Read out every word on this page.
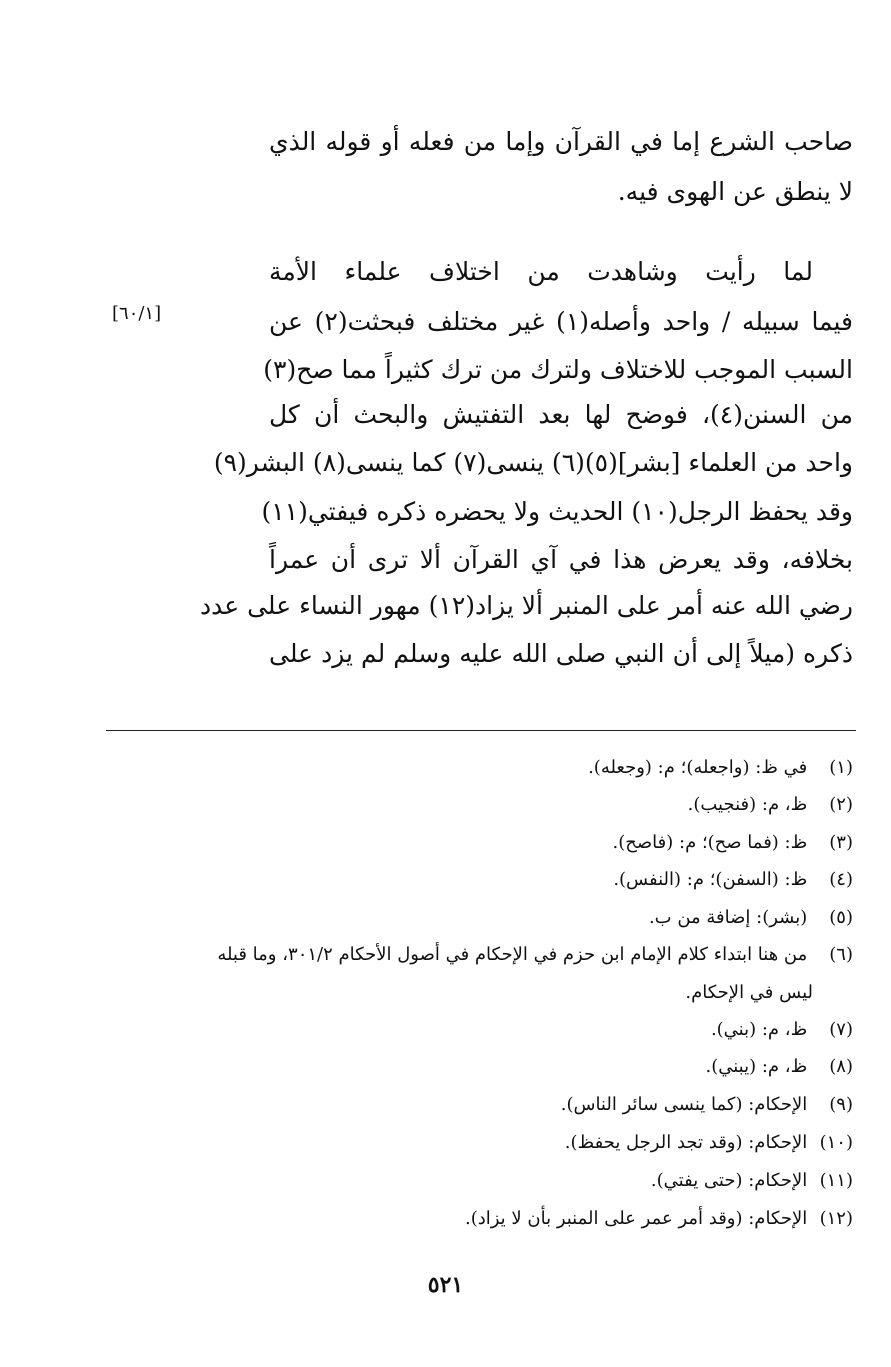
صاحب الشرع إما في القرآن وإما من فعله أو قوله الذي
لا ينطق عن الهوى فيه.
لما رأيت وشاهدت من اختلاف علماء الأمة
فيما سبيله / واحد وأصله(١) غير مختلف فبحثت(٢) عن
السبب الموجب للاختلاف ولترك من ترك كثيراً مما صح(٣)
من السنن(٤)، فوضح لها بعد التفتيش والبحث أن كل
واحد من العلماء [بشر](٥)(٦) ينسى(٧) كما ينسى(٨) البشر(٩)
وقد يحفظ الرجل(١٠) الحديث ولا يحضره ذكره فيفتي(١١)
بخلافه، وقد يعرض هذا في آي القرآن ألا ترى أن عمراً
رضي الله عنه أمر على المنبر ألا يزاد(١٢) مهور النساء على عدد
ذكره (ميلاً إلى أن النبي صلى الله عليه وسلم لم يزد على
[٦٠/١]
(١) في ظ: (واجعله)؛ م: (وجعله).
(٢) ظ، م: (فنجيب).
(٣) ظ: (فما صح)؛ م: (فاصح).
(٤) ظ: (السفن)؛ م: (النفس).
(٥) (بشر): إضافة من ب.
(٦) من هنا ابتداء كلام الإمام ابن حزم في الإحكام في أصول الأحكام ٣٠١/٢، وما قبله
ليس في الإحكام.
(٧) ظ، م: (بني).
(٨) ظ، م: (يبني).
(٩) الإحكام: (كما ينسى سائر الناس).
(١٠) الإحكام: (وقد تجد الرجل يحفظ).
(١١) الإحكام: (حتى يفتي).
(١٢) الإحكام: (وقد أمر عمر على المنبر بأن لا يزاد).
٥٢١
